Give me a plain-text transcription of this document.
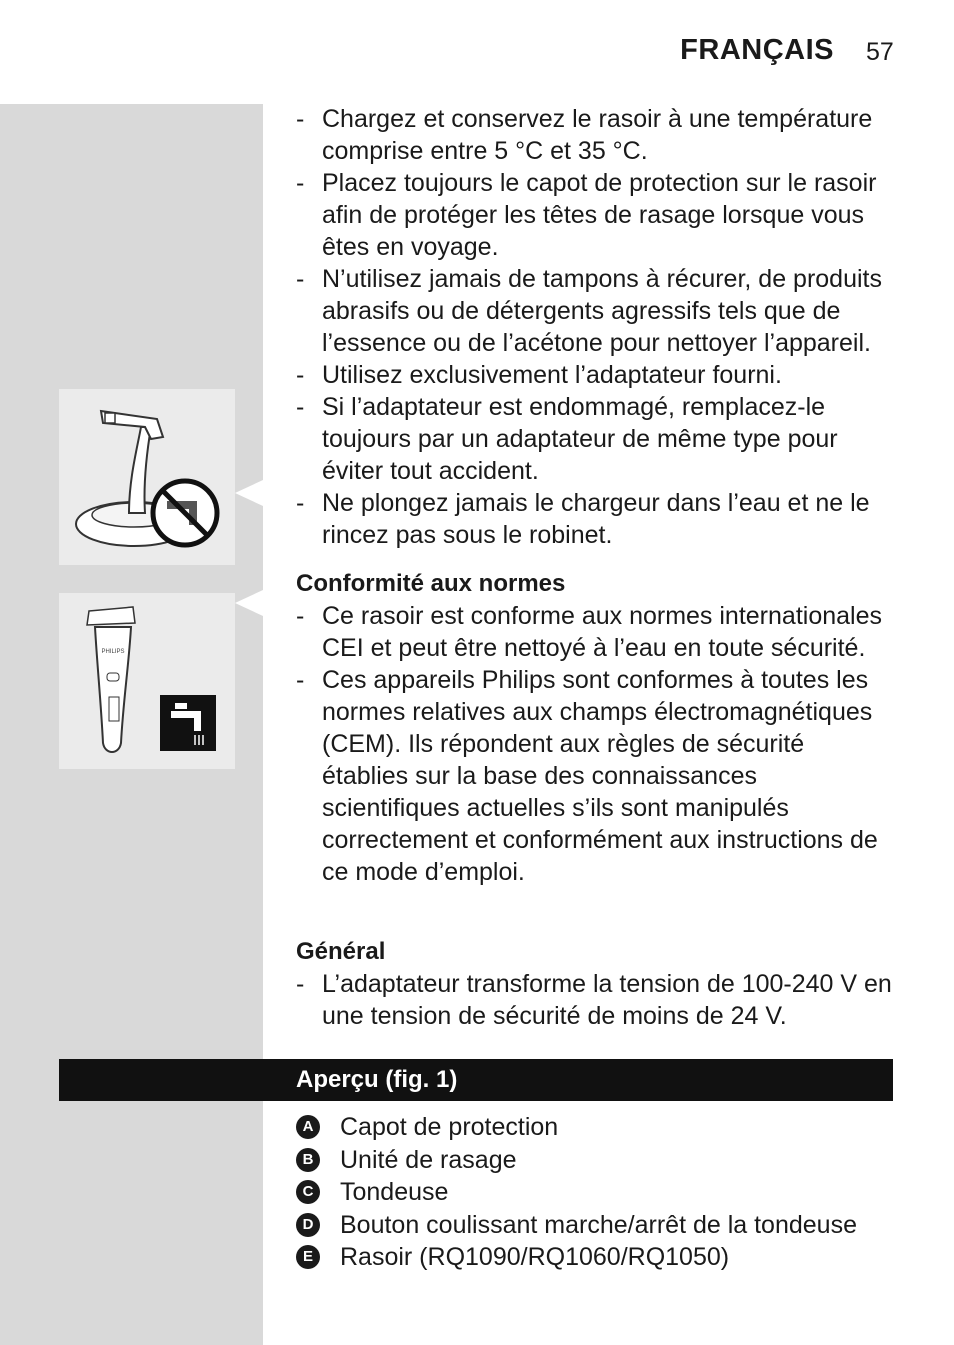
FRANÇAIS 57
PHILIPS
- Chargez et conservez le rasoir à une température comprise entre 5 °C et 35 °C.
- Placez toujours le capot de protection sur le rasoir afin de protéger les têtes de rasage lorsque vous êtes en voyage.
- N’utilisez jamais de tampons à récurer, de produits abrasifs ou de détergents agressifs tels que de l’essence ou de l’acétone pour nettoyer l’appareil.
- Utilisez exclusivement l’adaptateur fourni.
- Si l’adaptateur est endommagé, remplacez-le toujours par un adaptateur de même type pour éviter tout accident.
- Ne plongez jamais le chargeur dans l’eau et ne le rincez pas sous le robinet.
Conformité aux normes
- Ce rasoir est conforme aux normes internationales CEI et peut être nettoyé à l’eau en toute sécurité.
- Ces appareils Philips sont conformes à toutes les normes relatives aux champs électromagnétiques (CEM). Ils répondent aux règles de sécurité établies sur la base des connaissances scientifiques actuelles s’ils sont manipulés correctement et conformément aux instructions de ce mode d’emploi.
Général
- L’adaptateur transforme la tension de 100-240 V en une tension de sécurité de moins de 24 V.
Aperçu (fig. 1)
A Capot de protection
B Unité de rasage
C Tondeuse
D Bouton coulissant marche/arrêt de la tondeuse
E Rasoir (RQ1090/RQ1060/RQ1050)
